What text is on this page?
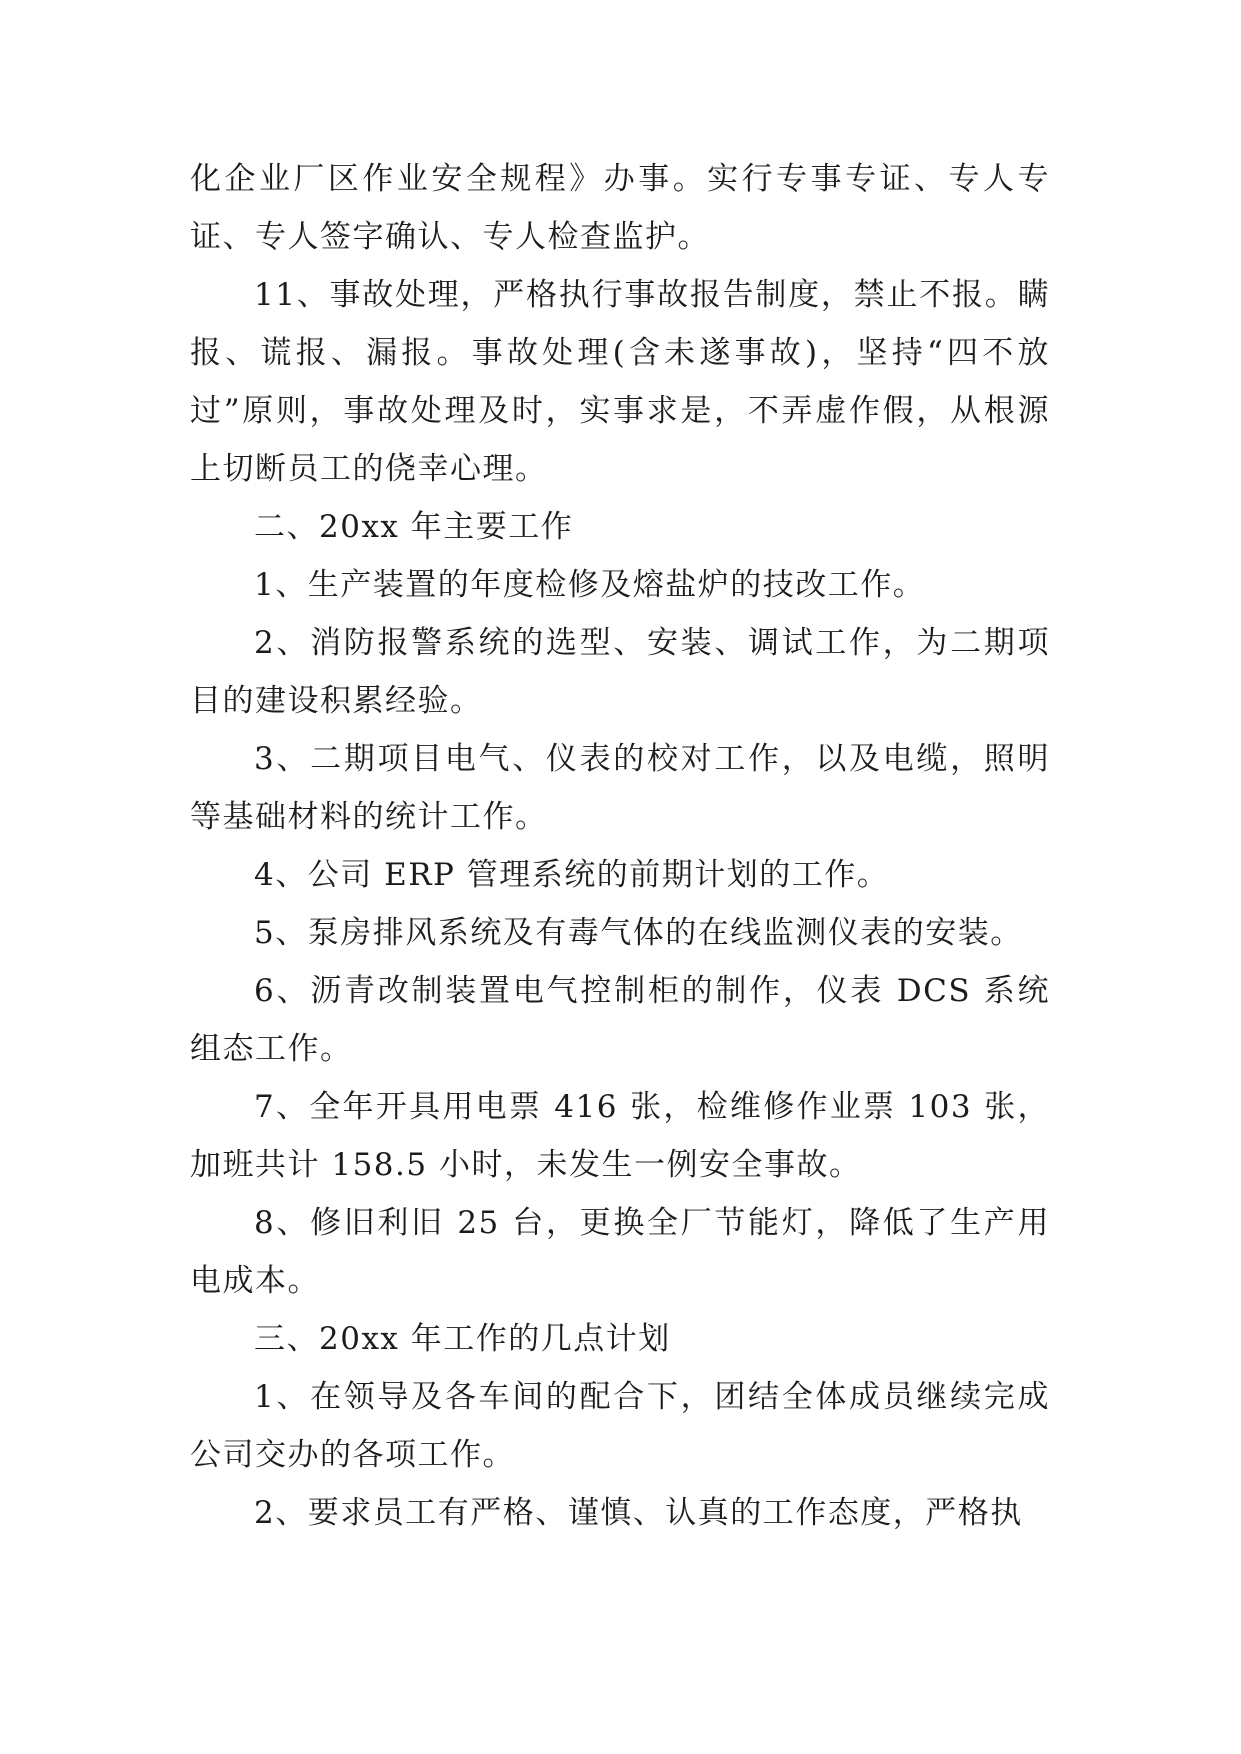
化企业厂区作业安全规程》办事。实行专事专证、专人专证、专人签字确认、专人检查监护。

11、事故处理，严格执行事故报告制度，禁止不报。瞒报、谎报、漏报。事故处理(含未遂事故)，坚持“四不放过”原则，事故处理及时，实事求是，不弄虚作假，从根源上切断员工的侥幸心理。

二、20xx 年主要工作

1、生产装置的年度检修及熔盐炉的技改工作。

2、消防报警系统的选型、安装、调试工作，为二期项目的建设积累经验。

3、二期项目电气、仪表的校对工作，以及电缆，照明等基础材料的统计工作。

4、公司 ERP 管理系统的前期计划的工作。

5、泵房排风系统及有毒气体的在线监测仪表的安装。

6、沥青改制装置电气控制柜的制作，仪表 DCS 系统组态工作。

7、全年开具用电票 416 张，检维修作业票 103 张，加班共计 158.5 小时，未发生一例安全事故。

8、修旧利旧 25 台，更换全厂节能灯，降低了生产用电成本。

三、20xx 年工作的几点计划

1、在领导及各车间的配合下，团结全体成员继续完成公司交办的各项工作。

2、要求员工有严格、谨慎、认真的工作态度，严格执
